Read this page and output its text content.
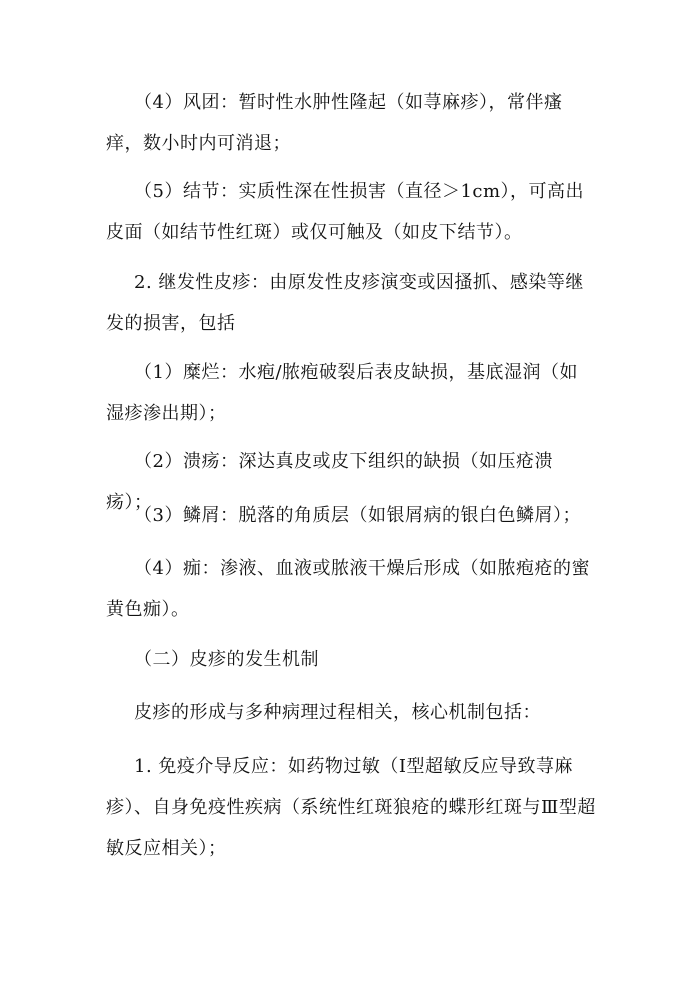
（4）风团：暂时性水肿性隆起（如荨麻疹），常伴瘙痒，数小时内可消退；

（5）结节：实质性深在性损害（直径＞1cm），可高出皮面（如结节性红斑）或仅可触及（如皮下结节）。

2. 继发性皮疹：由原发性皮疹演变或因搔抓、感染等继发的损害，包括

（1）糜烂：水疱/脓疱破裂后表皮缺损，基底湿润（如湿疹渗出期）；

（2）溃疡：深达真皮或皮下组织的缺损（如压疮溃疡）；

（3）鳞屑：脱落的角质层（如银屑病的银白色鳞屑）；

（4）痂：渗液、血液或脓液干燥后形成（如脓疱疮的蜜黄色痂）。

（二）皮疹的发生机制

皮疹的形成与多种病理过程相关，核心机制包括：

1. 免疫介导反应：如药物过敏（Ⅰ型超敏反应导致荨麻疹）、自身免疫性疾病（系统性红斑狼疮的蝶形红斑与Ⅲ型超敏反应相关）；
